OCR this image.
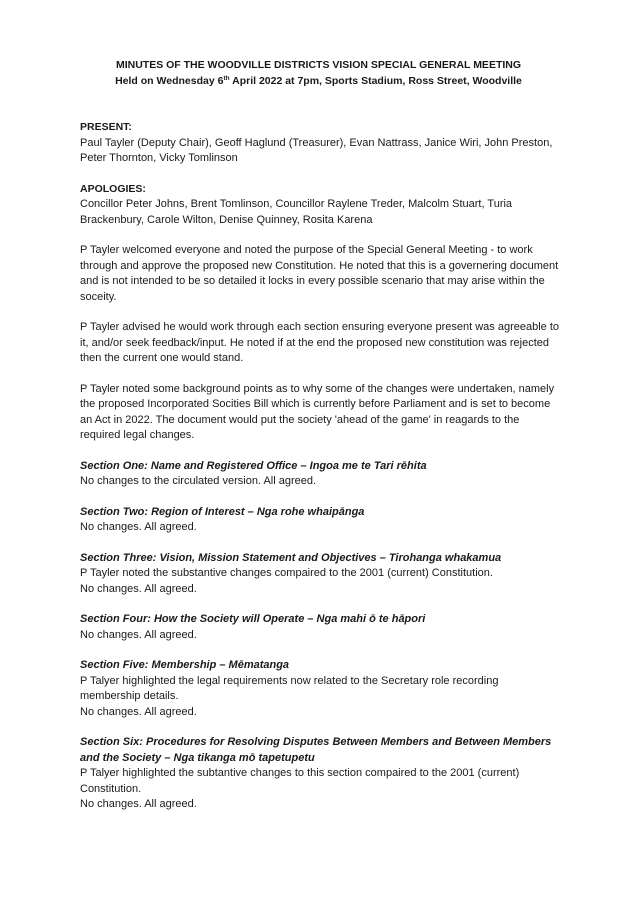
MINUTES OF THE WOODVILLE DISTRICTS VISION SPECIAL GENERAL MEETING
Held on Wednesday 6th April 2022 at 7pm, Sports Stadium, Ross Street, Woodville
PRESENT:
Paul Tayler (Deputy Chair), Geoff Haglund (Treasurer), Evan Nattrass, Janice Wiri, John Preston, Peter Thornton, Vicky Tomlinson
APOLOGIES:
Concillor Peter Johns, Brent Tomlinson, Councillor Raylene Treder, Malcolm Stuart, Turia Brackenbury, Carole Wilton, Denise Quinney, Rosita Karena
P Tayler welcomed everyone and noted the purpose of the Special General Meeting - to work through and approve the proposed new Constitution. He noted that this is a governering document and is not intended to be so detailed it locks in every possible scenario that may arise within the soceity.
P Tayler advised he would work through each section ensuring everyone present was agreeable to it, and/or seek feedback/input. He noted if at the end the proposed new constitution was rejected then the current one would stand.
P Tayler noted some background points as to why some of the changes were undertaken, namely the proposed Incorporated Socities Bill which is currently before Parliament and is set to become an Act in 2022. The document would put the society 'ahead of the game' in reagards to the required legal changes.
Section One: Name and Registered Office – Ingoa me te Tari rēhita
No changes to the circulated version. All agreed.
Section Two: Region of Interest – Nga rohe whaipānga
No changes. All agreed.
Section Three: Vision, Mission Statement and Objectives – Tirohanga whakamua
P Tayler noted the substantive changes compaired to the 2001 (current) Constitution.
No changes. All agreed.
Section Four: How the Society will Operate – Nga mahi ō te hāpori
No changes. All agreed.
Section Five: Membership – Mēmatanga
P Talyer highlighted the legal requirements now related to the Secretary role recording membership details.
No changes. All agreed.
Section Six: Procedures for Resolving Disputes Between Members and Between Members and the Society – Nga tikanga mō tapetupetu
P Talyer highlighted the subtantive changes to this section compaired to the 2001 (current) Constitution.
No changes. All agreed.
